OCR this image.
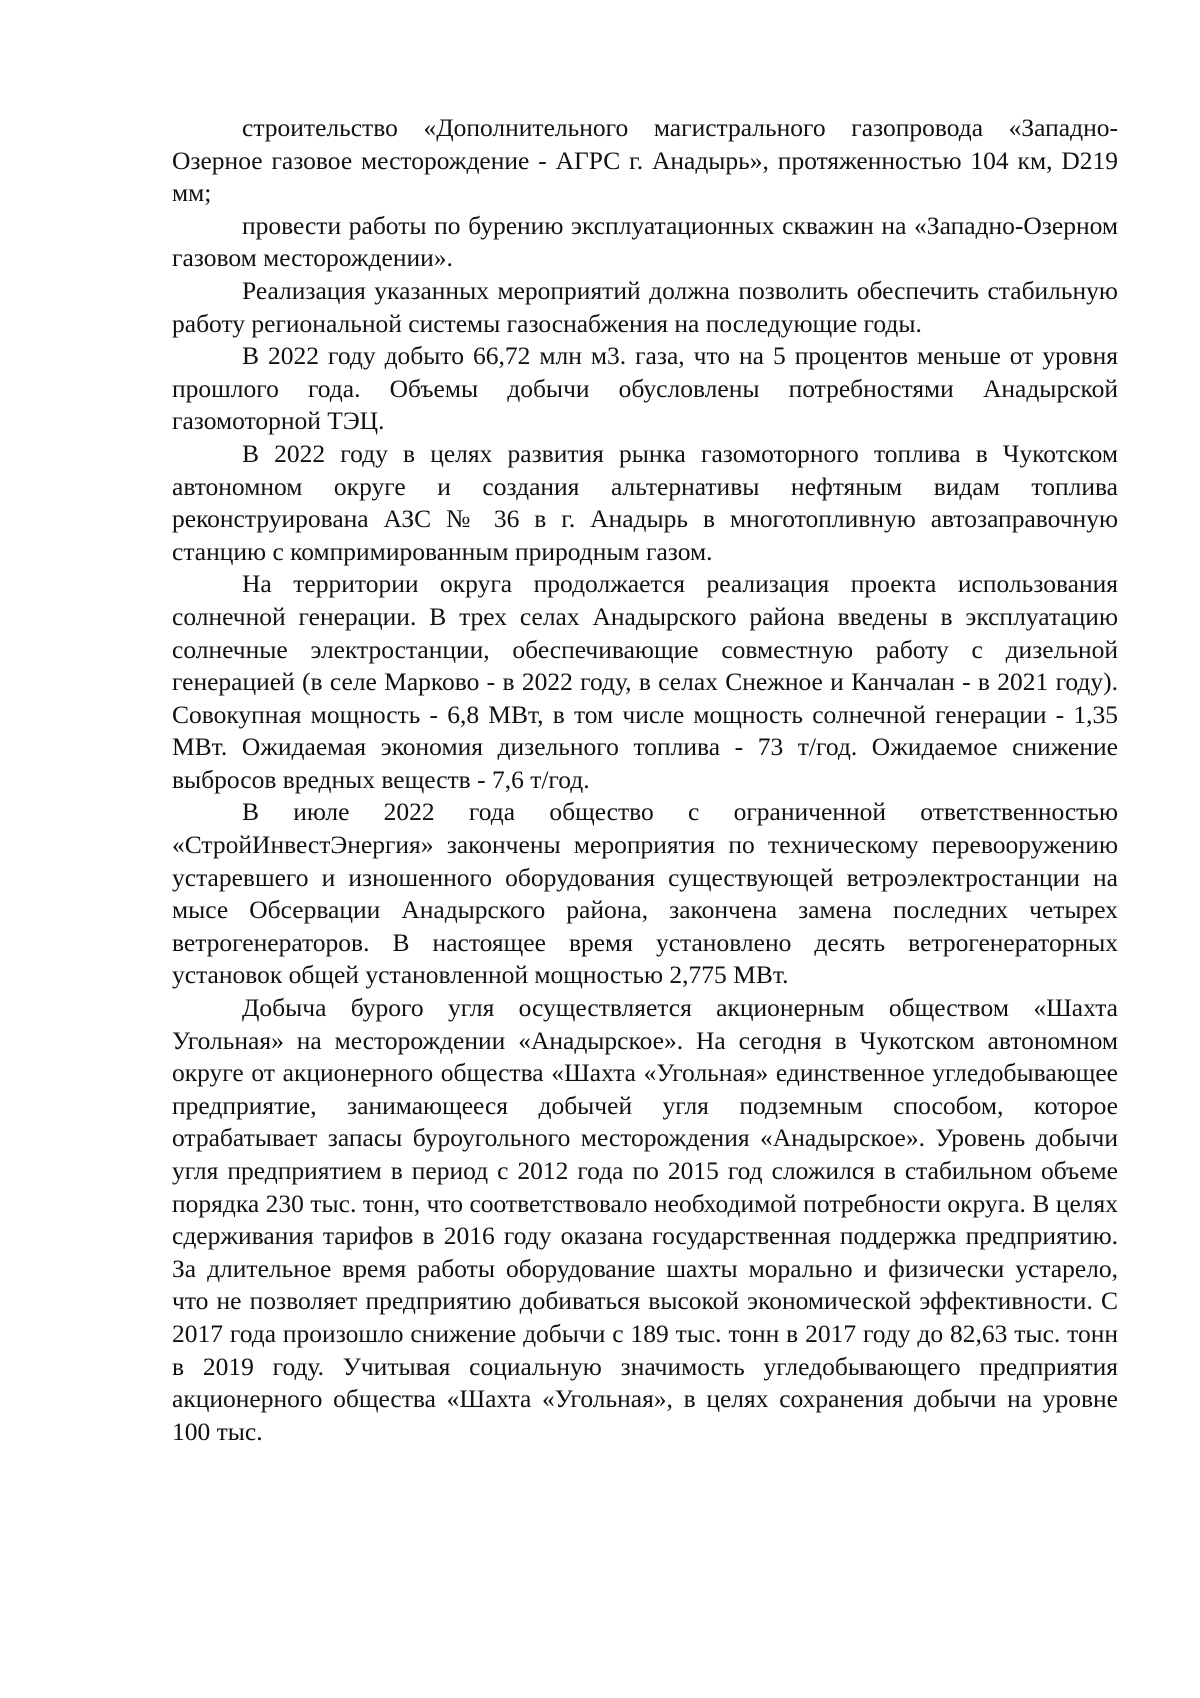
строительство «Дополнительного магистрального газопровода «Западно-Озерное газовое месторождение - АГРС г. Анадырь», протяженностью 104 км, D219 мм;

провести работы по бурению эксплуатационных скважин на «Западно-Озерном газовом месторождении».

Реализация указанных мероприятий должна позволить обеспечить стабильную работу региональной системы газоснабжения на последующие годы.

В 2022 году добыто 66,72 млн м3. газа, что на 5 процентов меньше от уровня прошлого года. Объемы добычи обусловлены потребностями Анадырской газомоторной ТЭЦ.

В 2022 году в целях развития рынка газомоторного топлива в Чукотском автономном округе и создания альтернативы нефтяным видам топлива реконструирована АЗС № 36 в г. Анадырь в многотопливную автозаправочную станцию с компримированным природным газом.

На территории округа продолжается реализация проекта использования солнечной генерации. В трех селах Анадырского района введены в эксплуатацию солнечные электростанции, обеспечивающие совместную работу с дизельной генерацией (в селе Марково - в 2022 году, в селах Снежное и Канчалан - в 2021 году). Совокупная мощность - 6,8 МВт, в том числе мощность солнечной генерации - 1,35 МВт. Ожидаемая экономия дизельного топлива - 73 т/год. Ожидаемое снижение выбросов вредных веществ - 7,6 т/год.

В июле 2022 года общество с ограниченной ответственностью «СтройИнвестЭнергия» закончены мероприятия по техническому перевооружению устаревшего и изношенного оборудования существующей ветроэлектростанции на мысе Обсервации Анадырского района, закончена замена последних четырех ветрогенераторов. В настоящее время установлено десять ветрогенераторных установок общей установленной мощностью 2,775 МВт.

Добыча бурого угля осуществляется акционерным обществом «Шахта Угольная» на месторождении «Анадырское». На сегодня в Чукотском автономном округе от акционерного общества «Шахта «Угольная» единственное угледобывающее предприятие, занимающееся добычей угля подземным способом, которое отрабатывает запасы буроугольного месторождения «Анадырское». Уровень добычи угля предприятием в период с 2012 года по 2015 год сложился в стабильном объеме порядка 230 тыс. тонн, что соответствовало необходимой потребности округа. В целях сдерживания тарифов в 2016 году оказана государственная поддержка предприятию. За длительное время работы оборудование шахты морально и физически устарело, что не позволяет предприятию добиваться высокой экономической эффективности. С 2017 года произошло снижение добычи с 189 тыс. тонн в 2017 году до 82,63 тыс. тонн в 2019 году. Учитывая социальную значимость угледобывающего предприятия акционерного общества «Шахта «Угольная», в целях сохранения добычи на уровне 100 тыс.
